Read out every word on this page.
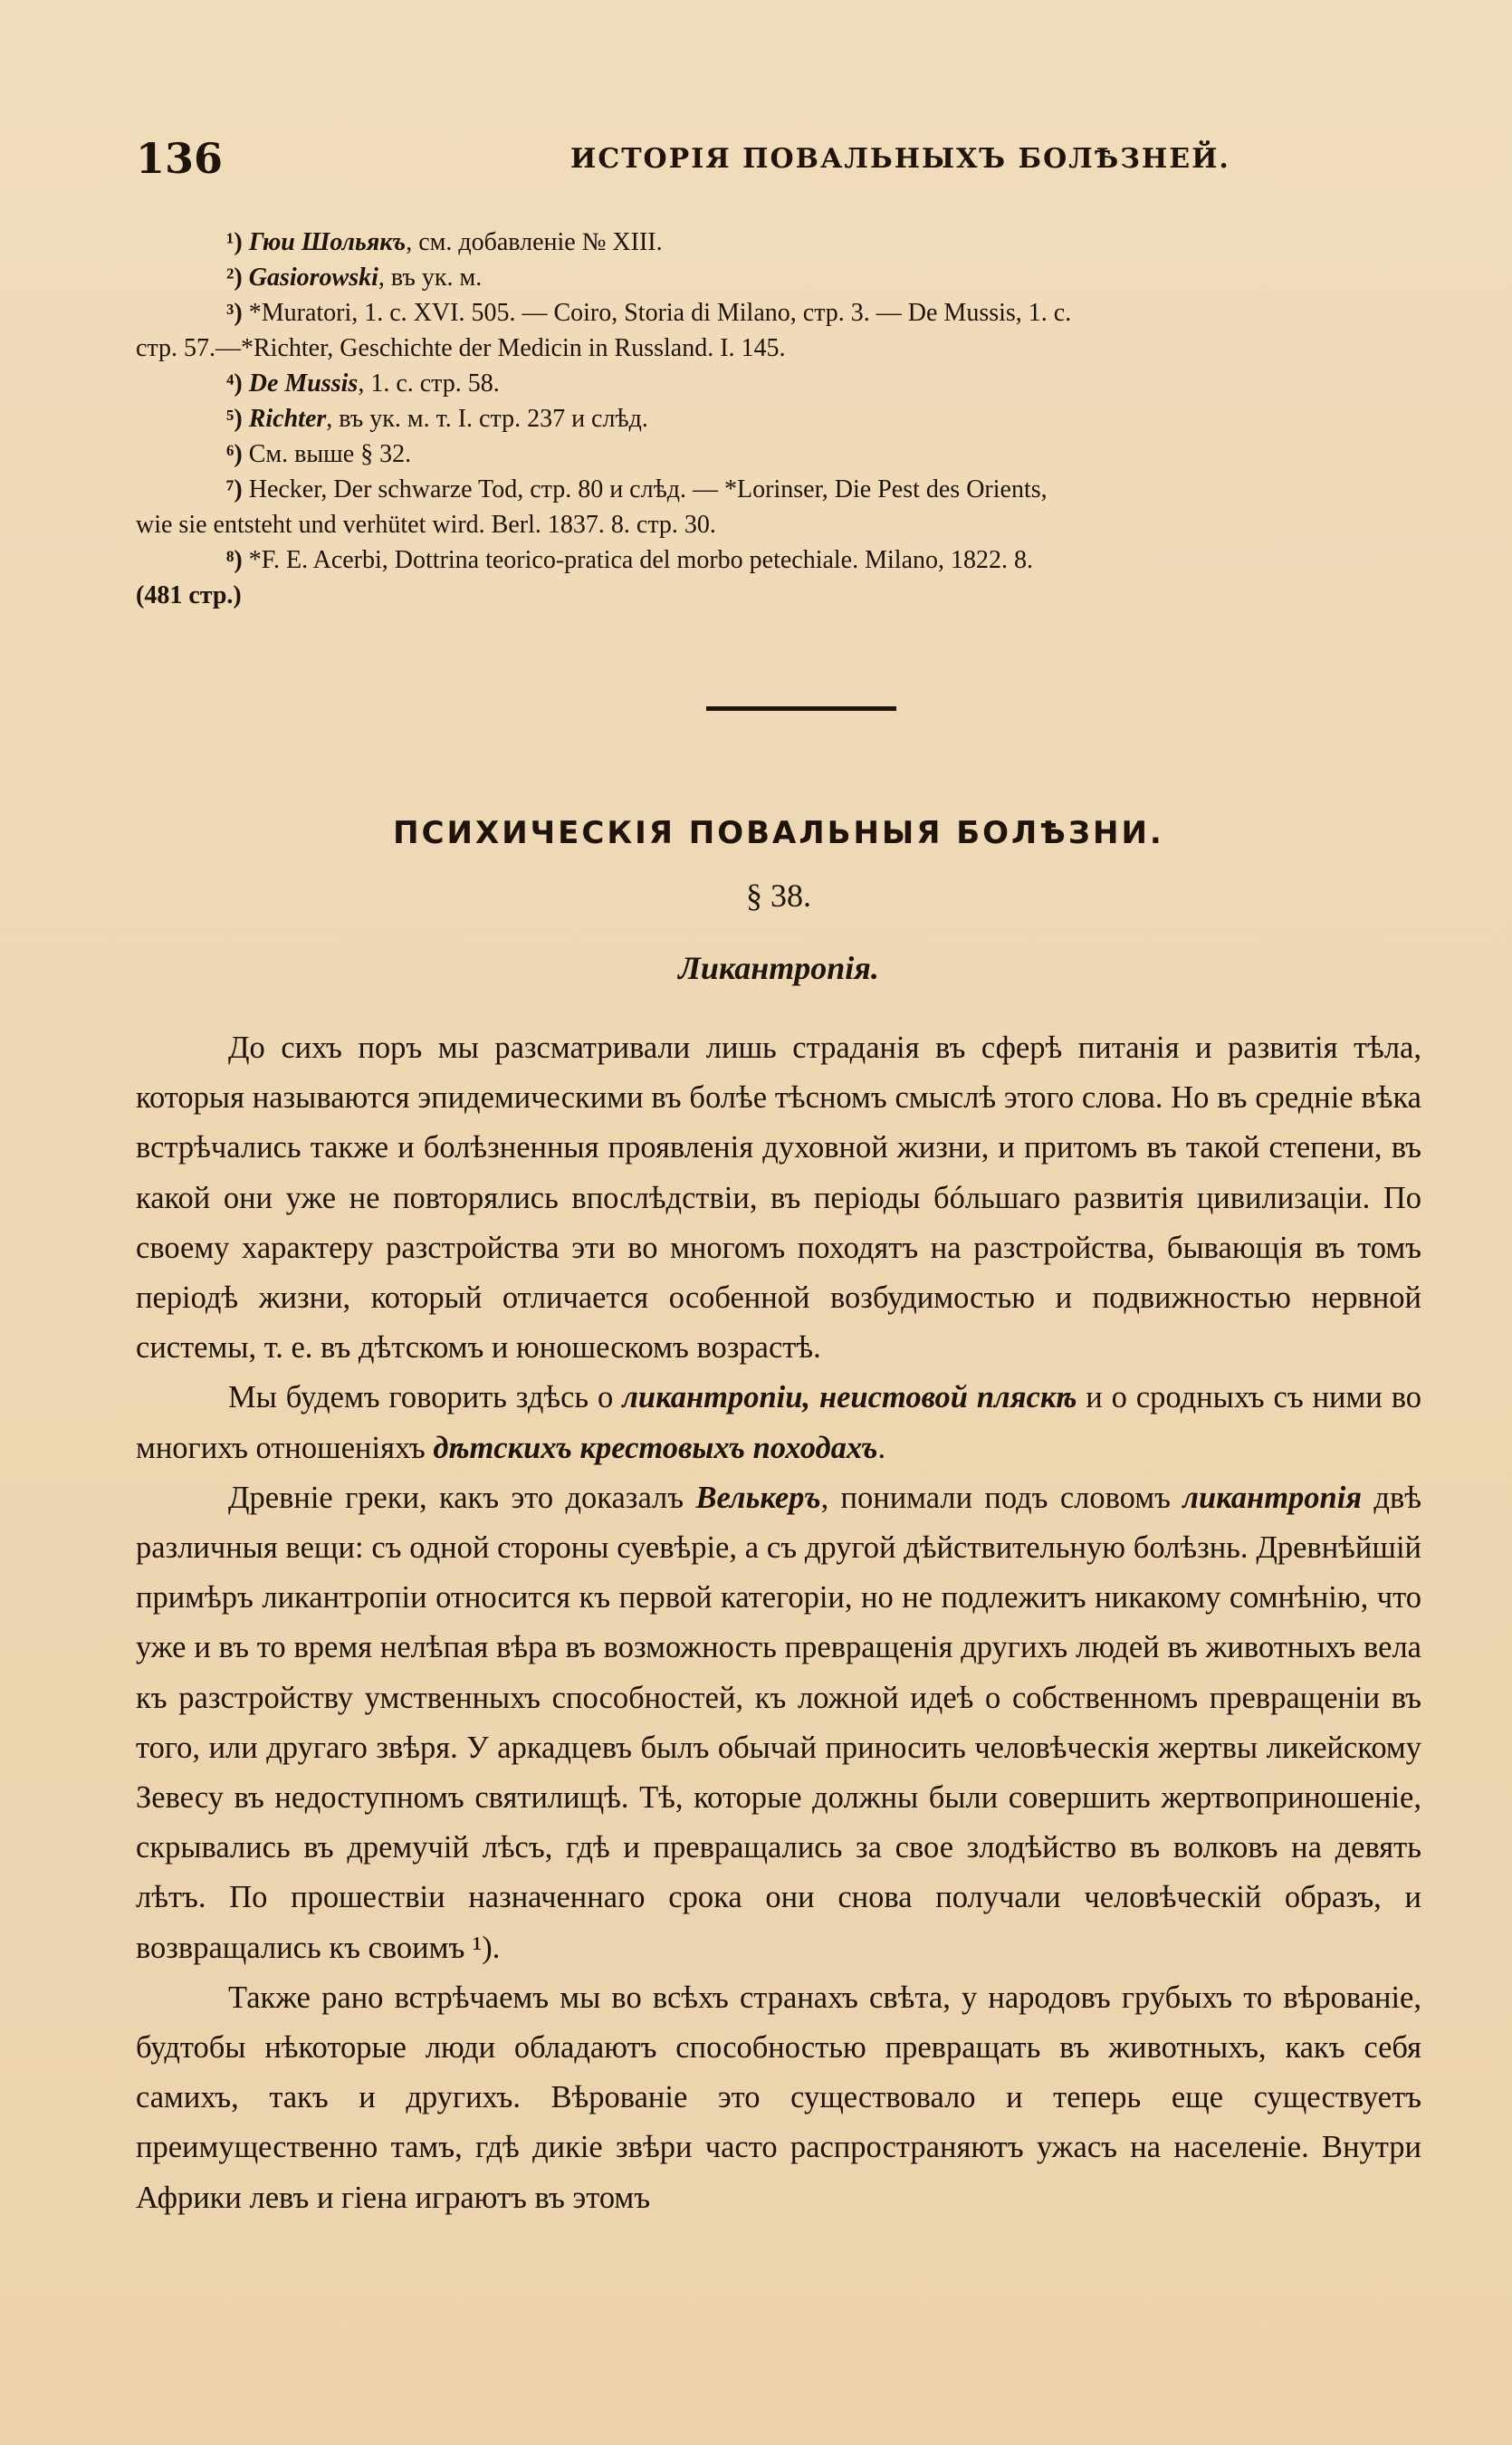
136	ИСТОРІЯ ПОВАЛЬНЫХЪ БОЛѢЗНЕЙ.

¹) Гюи Шольякъ, см. добавленіе № XIII.

²) Gasiorowski, въ ук. м.

³) *Muratori, 1. с. XVI. 505. — Coiro, Storia di Milano, стр. 3. — De Mussis, 1. с.

стр. 57.—*Richter, Geschichte der Medicin in Russland. I. 145.

⁴) De Mussis, 1. с. стр. 58.

⁵) Richter, въ ук. м. т. I. стр. 237 и слѣд.

⁶) См. выше § 32.

⁷) Hecker, Der schwarze Tod, стр. 80 и слѣд. — *Lorinser, Die Pest des Orients,

wie sie entsteht und verhütet wird. Berl. 1837. 8. стр. 30.

⁸) *F. E. Acerbi, Dottrina teorico-pratica del morbo petechiale. Milano, 1822. 8.

(481 стр.)

ПСИХИЧЕСКІЯ ПОВАЛЬНЫЯ БОЛѢЗНИ.
§ 38.
Ликантропія.

До сихъ поръ мы разсматривали лишь страданія въ сферѣ питанія и развитія тѣла, которыя называются эпидемическими въ болѣе тѣсномъ смыслѣ этого слова. Но въ средніе вѣка встрѣчались также и болѣзненныя проявленія духовной жизни, и притомъ въ такой степени, въ какой они уже не повторялись впослѣдствіи, въ періоды бóльшаго развитія цивилизаціи. По своему характеру разстройства эти во многомъ походятъ на разстройства, бывающія въ томъ періодѣ жизни, который отличается особенной возбудимостью и подвижностью нервной системы, т. е. въ дѣтскомъ и юношескомъ возрастѣ.

Мы будемъ говорить здѣсь о ликантропіи, неистовой пляскѣ и о сродныхъ съ ними во многихъ отношеніяхъ дѣтскихъ крестовыхъ походахъ.

Древніе греки, какъ это доказалъ Велькеръ, понимали подъ словомъ ликантропія двѣ различныя вещи: съ одной стороны суевѣріе, а съ другой дѣйствительную болѣзнь. Древнѣйшій примѣръ ликантропіи относится къ первой категоріи, но не подлежитъ никакому сомнѣнію, что уже и въ то время нелѣпая вѣра въ возможность превращенія другихъ людей въ животныхъ вела къ разстройству умственныхъ способностей, къ ложной идеѣ о собственномъ превращеніи въ того, или другаго звѣря. У аркадцевъ былъ обычай приносить человѣческія жертвы ликейскому Зевесу въ недоступномъ святилищѣ. Тѣ, которые должны были совершить жертвоприношеніе, скрывались въ дремучій лѣсъ, гдѣ и превращались за свое злодѣйство въ волковъ на девять лѣтъ. По прошествіи назначеннаго срока они снова получали человѣческій образъ, и возвращались къ своимъ ¹).

Также рано встрѣчаемъ мы во всѣхъ странахъ свѣта, у народовъ грубыхъ то вѣрованіе, будтобы нѣкоторые люди обладаютъ способностью превращать въ животныхъ, какъ себя самихъ, такъ и другихъ. Вѣрованіе это существовало и теперь еще существуетъ преимущественно тамъ, гдѣ дикіе звѣри часто распространяютъ ужасъ на населеніе. Внутри Африки левъ и гіена играютъ въ этомъ
